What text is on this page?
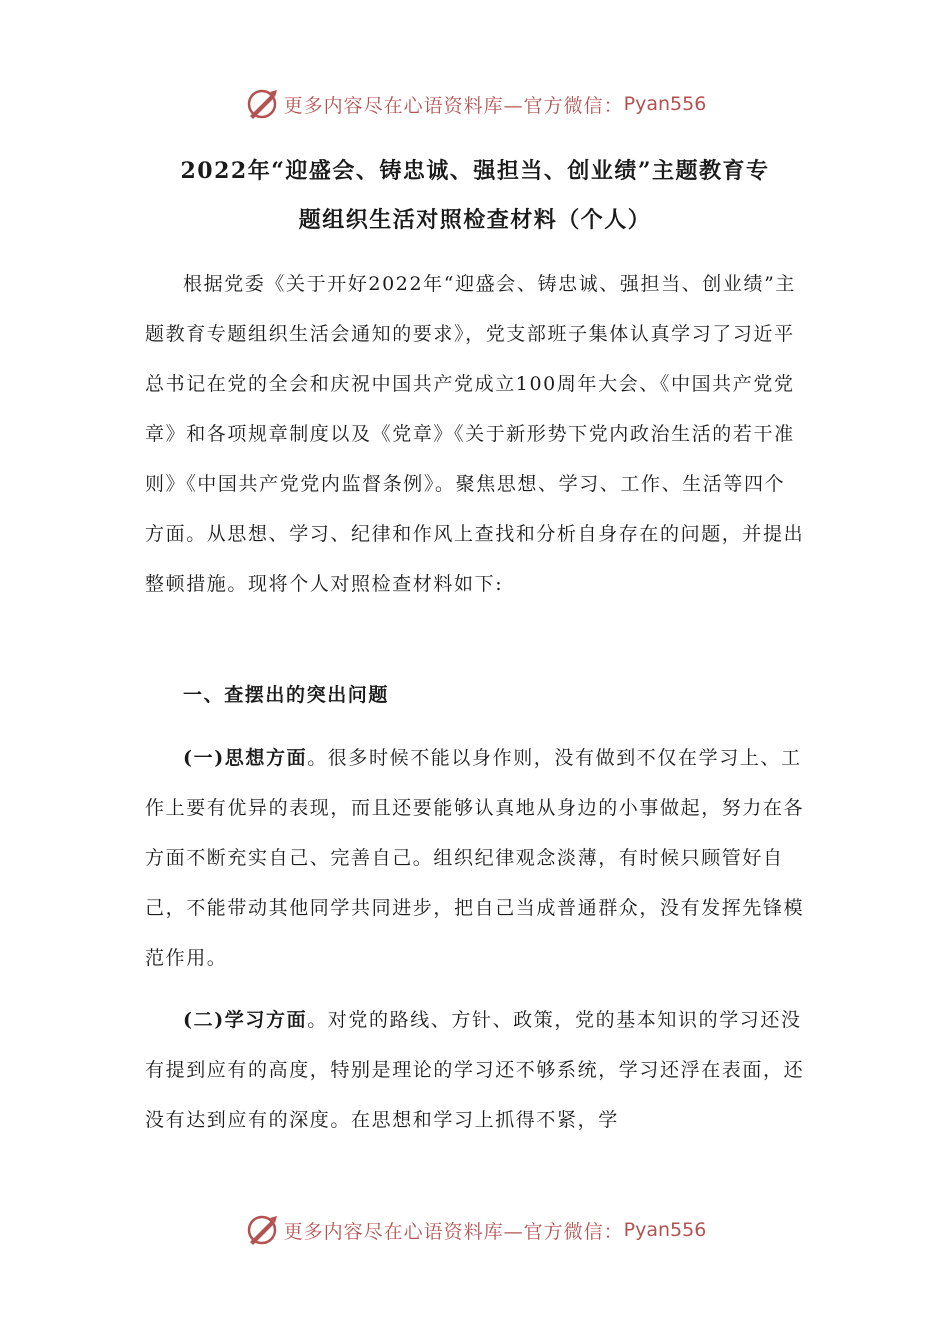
更多内容尽在心语资料库—官方微信： Pyan556
2022年“迎盛会、铸忠诚、强担当、创业绩”主题教育专
题组织生活对照检查材料（个人）

根据党委《关于开好2022年“迎盛会、铸忠诚、强担当、创业绩”主题教育专题组织生活会通知的要求》，党支部班子集体认真学习了习近平总书记在党的全会和庆祝中国共产党成立100周年大会、《中国共产党党章》和各项规章制度以及《党章》《关于新形势下党内政治生活的若干准则》《中国共产党党内监督条例》。聚焦思想、学习、工作、生活等四个方面。从思想、学习、纪律和作风上查找和分析自身存在的问题，并提出整顿措施。现将个人对照检查材料如下:

一、查摆出的突出问题

(一)思想方面。很多时候不能以身作则，没有做到不仅在学习上、工作上要有优异的表现，而且还要能够认真地从身边的小事做起，努力在各方面不断充实自己、完善自己。组织纪律观念淡薄，有时候只顾管好自己，不能带动其他同学共同进步，把自己当成普通群众，没有发挥先锋模范作用。

(二)学习方面。对党的路线、方针、政策，党的基本知识的学习还没有提到应有的高度，特别是理论的学习还不够系统，学习还浮在表面，还没有达到应有的深度。在思想和学习上抓得不紧，学

更多内容尽在心语资料库—官方微信： Pyan556
